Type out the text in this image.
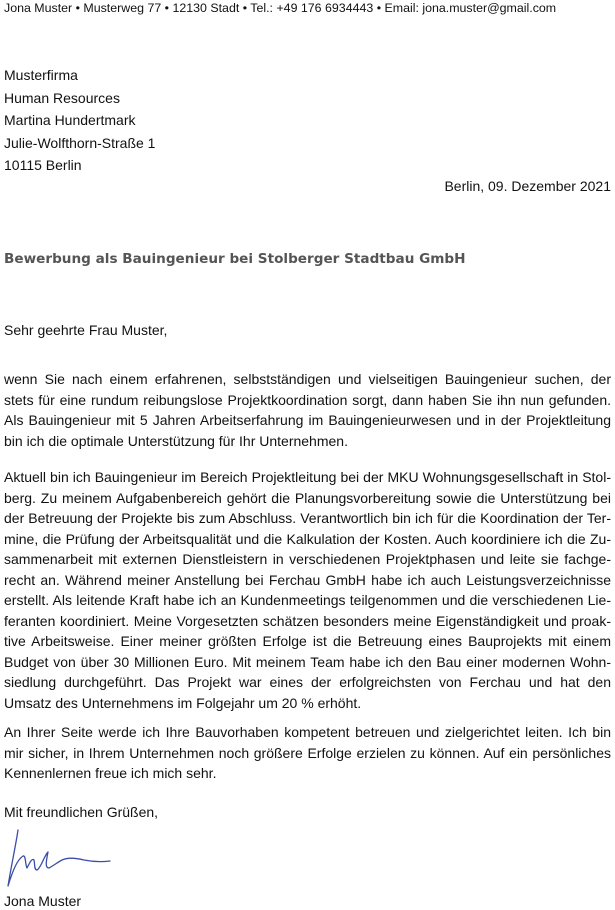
Jona Muster • Musterweg 77 • 12130 Stadt • Tel.: +49 176 6934443 • Email: jona.muster@gmail.com
Musterfirma
Human Resources
Martina Hundertmark
Julie-Wolfthorn-Straße 1
10115 Berlin
Berlin, 09. Dezember 2021
Bewerbung als Bauingenieur bei Stolberger Stadtbau GmbH
Sehr geehrte Frau Muster,
wenn Sie nach einem erfahrenen, selbstständigen und vielseitigen Bauingenieur suchen, der stets für eine rundum reibungslose Projektkoordination sorgt, dann haben Sie ihn nun gefunden. Als Bauingenieur mit 5 Jahren Arbeitserfahrung im Bauingenieurwesen und in der Projektleitung bin ich die optimale Unterstützung für Ihr Unternehmen.
Aktuell bin ich Bauingenieur im Bereich Projektleitung bei der MKU Wohnungsgesellschaft in Stolberg. Zu meinem Aufgabenbereich gehört die Planungsvorbereitung sowie die Unterstützung bei der Betreuung der Projekte bis zum Abschluss. Verantwortlich bin ich für die Koordination der Termine, die Prüfung der Arbeitsqualität und die Kalkulation der Kosten. Auch koordiniere ich die Zusammenarbeit mit externen Dienstleistern in verschiedenen Projektphasen und leite sie fachgerecht an. Während meiner Anstellung bei Ferchau GmbH habe ich auch Leistungsverzeichnisse erstellt. Als leitende Kraft habe ich an Kundenmeetings teilgenommen und die verschiedenen Lieferanten koordiniert. Meine Vorgesetzten schätzen besonders meine Eigenständigkeit und proaktive Arbeitsweise. Einer meiner größten Erfolge ist die Betreuung eines Bauprojekts mit einem Budget von über 30 Millionen Euro. Mit meinem Team habe ich den Bau einer modernen Wohnsiedlung durchgeführt. Das Projekt war eines der erfolgreichsten von Ferchau und hat den Umsatz des Unternehmens im Folgejahr um 20 % erhöht.
An Ihrer Seite werde ich Ihre Bauvorhaben kompetent betreuen und zielgerichtet leiten. Ich bin mir sicher, in Ihrem Unternehmen noch größere Erfolge erzielen zu können. Auf ein persönliches Kennenlernen freue ich mich sehr.
Mit freundlichen Grüßen,
Jona Muster
